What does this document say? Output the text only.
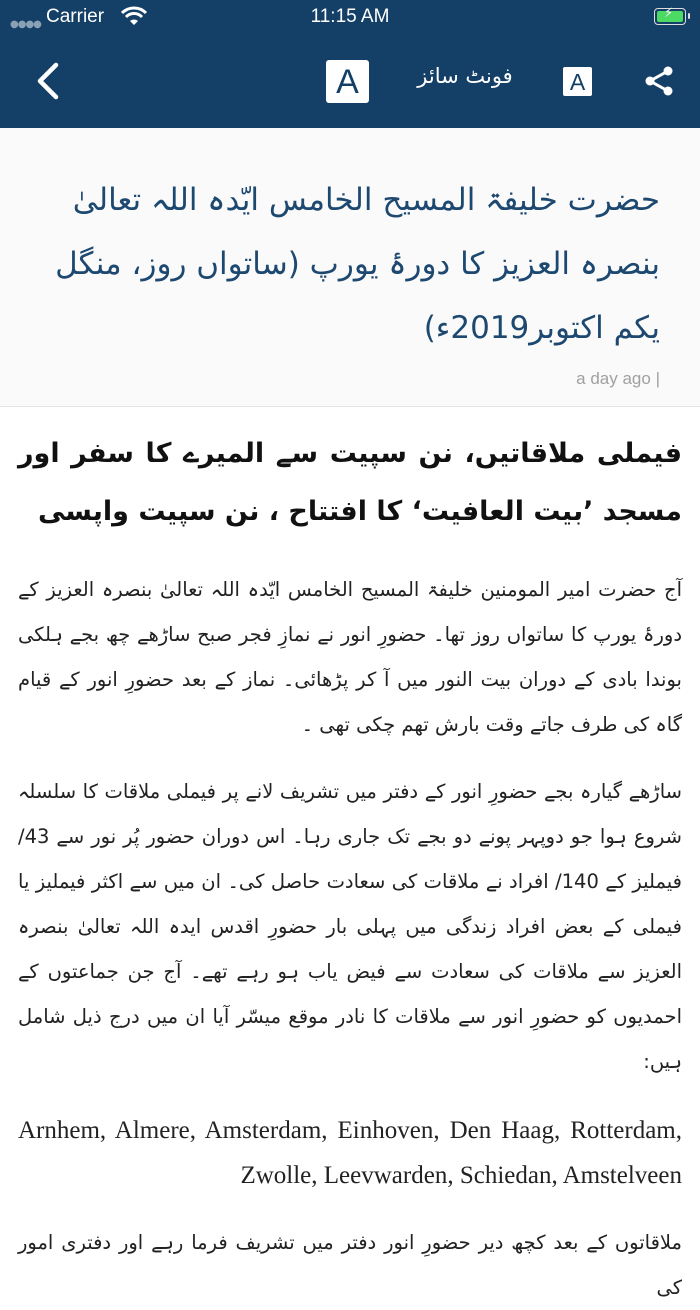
●●●● Carrier	11:15 AM	⚡
A	فونٹ سائز	A
حضرت خلیفۃ المسیح الخامس ایّدہ اللہ تعالیٰ بنصرہ العزیز کا دورۂ یورپ (ساتواں روز، منگل یکم اکتوبر2019ء)
a day ago |
فیملی ملاقاتیں، نن سپیت سے المیرے کا سفر اور مسجد ’بیت العافیت‘ کا افتتاح ، نن سپیت واپسی

آج حضرت امیر المومنین خلیفۃ المسیح الخامس ایّدہ اللہ تعالیٰ بنصرہ العزیز کے دورۂ یورپ کا ساتواں روز تھا۔ حضورِ انور نے نمازِ فجر صبح ساڑھے چھ بجے ہلکی بوندا بادی کے دوران بیت النور میں آ کر پڑھائی۔ نماز کے بعد حضورِ انور کے قیام گاہ کی طرف جاتے وقت بارش تھم چکی تھی ۔

ساڑھے گیارہ بجے حضورِ انور کے دفتر میں تشریف لانے پر فیملی ملاقات کا سلسلہ شروع ہوا جو دوپہر پونے دو بجے تک جاری رہا۔ اس دوران حضور پُر نور سے 43/ فیملیز کے 140/ افراد نے ملاقات کی سعادت حاصل کی۔ ان میں سے اکثر فیملیز یا فیملی کے بعض افراد زندگی میں پہلی بار حضورِ اقدس ایدہ اللہ تعالیٰ بنصرہ العزیز سے ملاقات کی سعادت سے فیض یاب ہو رہے تھے۔ آج جن جماعتوں کے احمدیوں کو حضورِ انور سے ملاقات کا نادر موقع میسّر آیا ان میں درج ذیل شامل ہیں:

Arnhem, Almere, Amsterdam, Einhoven, Den Haag, Rotterdam, Zwolle, Leevwarden, Schiedan, Amstelveen

ملاقاتوں کے بعد کچھ دیر حضورِ انور دفتر میں تشریف فرما رہے اور دفتری امور کی
